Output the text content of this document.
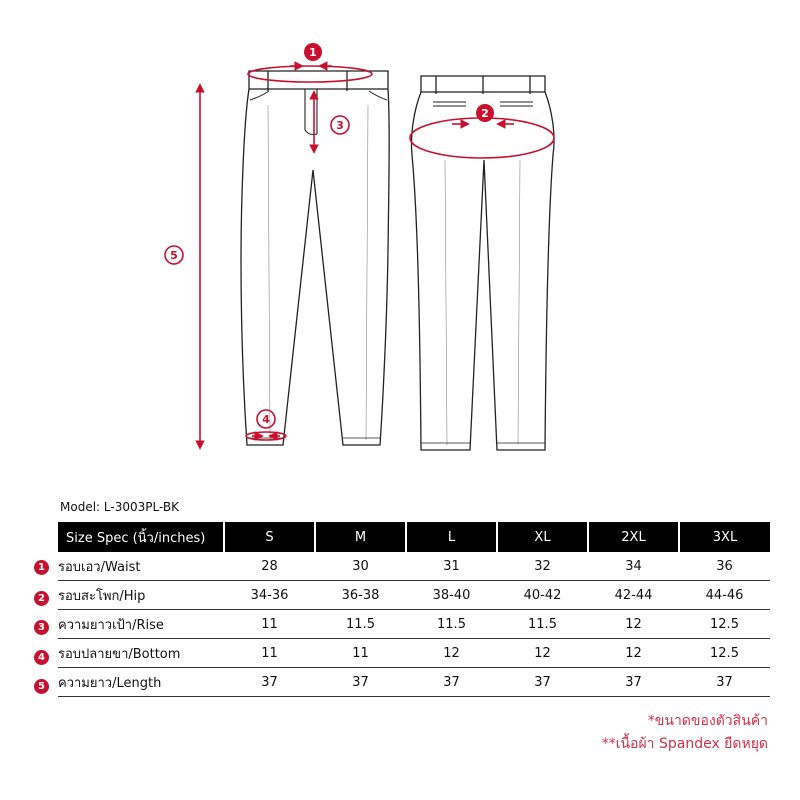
1
2
3
4
5
Model: L-3003PL-BK
Size Spec (นิ้ว/inches)	S	M	L	XL	2XL	3XL
รอบเอว/Waist	28	30	31	32	34	36
รอบสะโพก/Hip	34-36	36-38	38-40	40-42	42-44	44-46
ความยาวเป้า/Rise	11	11.5	11.5	11.5	12	12.5
รอบปลายขา/Bottom	11	11	12	12	12	12.5
ความยาว/Length	37	37	37	37	37	37
1
2
3
4
5
*ขนาดของตัวสินค้า
**เนื้อผ้า Spandex ยืดหยุด
